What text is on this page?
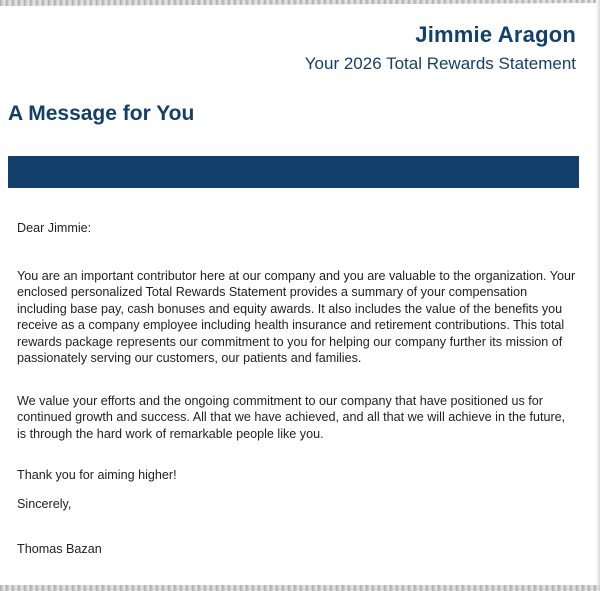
Jimmie Aragon
Your 2026 Total Rewards Statement
A Message for You

Dear Jimmie:

You are an important contributor here at our company and you are valuable to the organization. Your enclosed personalized Total Rewards Statement provides a summary of your compensation including base pay, cash bonuses and equity awards. It also includes the value of the benefits you receive as a company employee including health insurance and retirement contributions. This total rewards package represents our commitment to you for helping our company further its mission of passionately serving our customers, our patients and families.

We value your efforts and the ongoing commitment to our company that have positioned us for continued growth and success. All that we have achieved, and all that we will achieve in the future, is through the hard work of remarkable people like you.

Thank you for aiming higher!

Sincerely,

Thomas Bazan
